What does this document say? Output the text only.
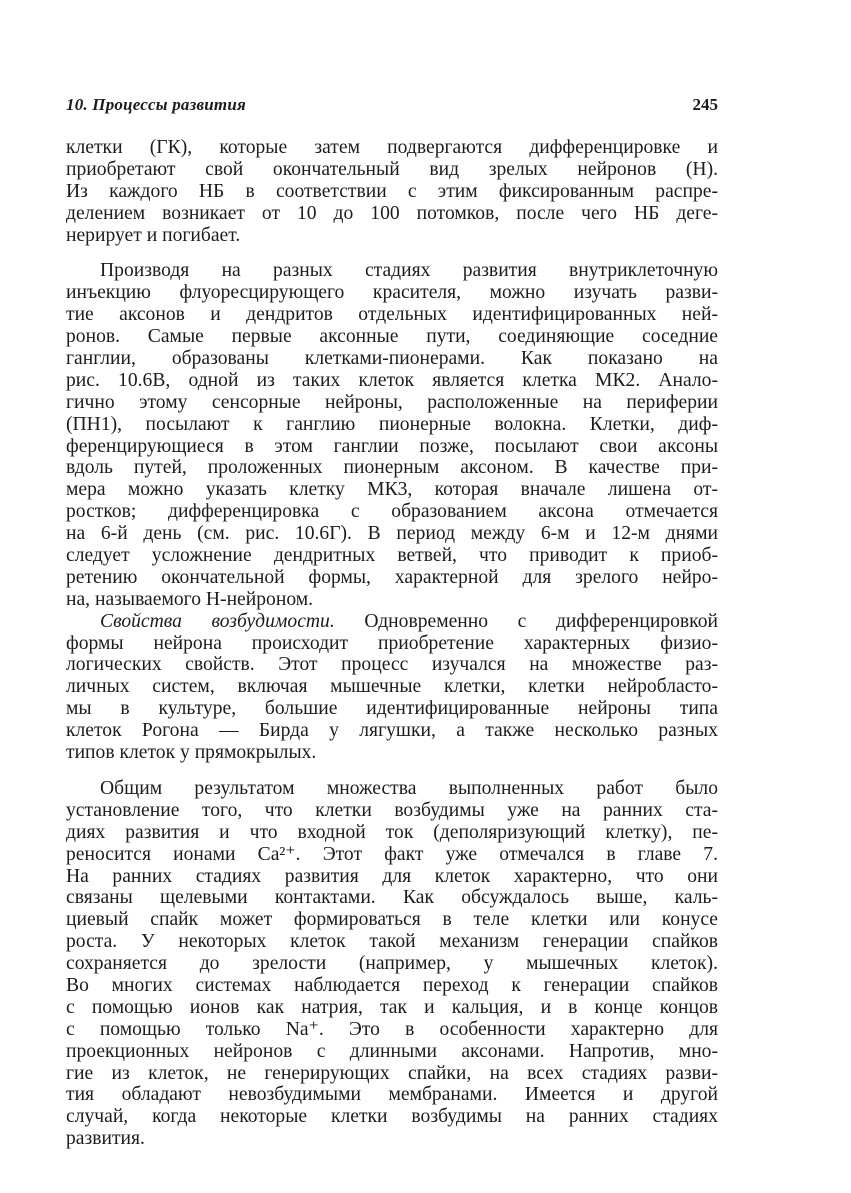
10. Процессы развития	245
клетки (ГК), которые затем подвергаются дифференцировке и
приобретают свой окончательный вид зрелых нейронов (Н).
Из каждого НБ в соответствии с этим фиксированным распре-
делением возникает от 10 до 100 потомков, после чего НБ деге-
нерирует и погибает.
Производя на разных стадиях развития внутриклеточную
инъекцию флуоресцирующего красителя, можно изучать разви-
тие аксонов и дендритов отдельных идентифицированных ней-
ронов. Самые первые аксонные пути, соединяющие соседние
ганглии, образованы клетками-пионерами. Как показано на
рис. 10.6В, одной из таких клеток является клетка МК2. Анало-
гично этому сенсорные нейроны, расположенные на периферии
(ПН1), посылают к ганглию пионерные волокна. Клетки, диф-
ференцирующиеся в этом ганглии позже, посылают свои аксоны
вдоль путей, проложенных пионерным аксоном. В качестве при-
мера можно указать клетку МК3, которая вначале лишена от-
ростков; дифференцировка с образованием аксона отмечается
на 6-й день (см. рис. 10.6Г). В период между 6-м и 12-м днями
следует усложнение дендритных ветвей, что приводит к приоб-
ретению окончательной формы, характерной для зрелого нейро-
на, называемого Н-нейроном.
Свойства возбудимости. Одновременно с дифференцировкой
формы нейрона происходит приобретение характерных физио-
логических свойств. Этот процесс изучался на множестве раз-
личных систем, включая мышечные клетки, клетки нейробласто-
мы в культуре, большие идентифицированные нейроны типа
клеток Рогона — Бирда у лягушки, а также несколько разных
типов клеток у прямокрылых.
Общим результатом множества выполненных работ было
установление того, что клетки возбудимы уже на ранних ста-
диях развития и что входной ток (деполяризующий клетку), пе-
реносится ионами Ca²⁺. Этот факт уже отмечался в главе 7.
На ранних стадиях развития для клеток характерно, что они
связаны щелевыми контактами. Как обсуждалось выше, каль-
циевый спайк может формироваться в теле клетки или конусе
роста. У некоторых клеток такой механизм генерации спайков
сохраняется до зрелости (например, у мышечных клеток).
Во многих системах наблюдается переход к генерации спайков
с помощью ионов как натрия, так и кальция, и в конце концов
с помощью только Na⁺. Это в особенности характерно для
проекционных нейронов с длинными аксонами. Напротив, мно-
гие из клеток, не генерирующих спайки, на всех стадиях разви-
тия обладают невозбудимыми мембранами. Имеется и другой
случай, когда некоторые клетки возбудимы на ранних стадиях
развития.
